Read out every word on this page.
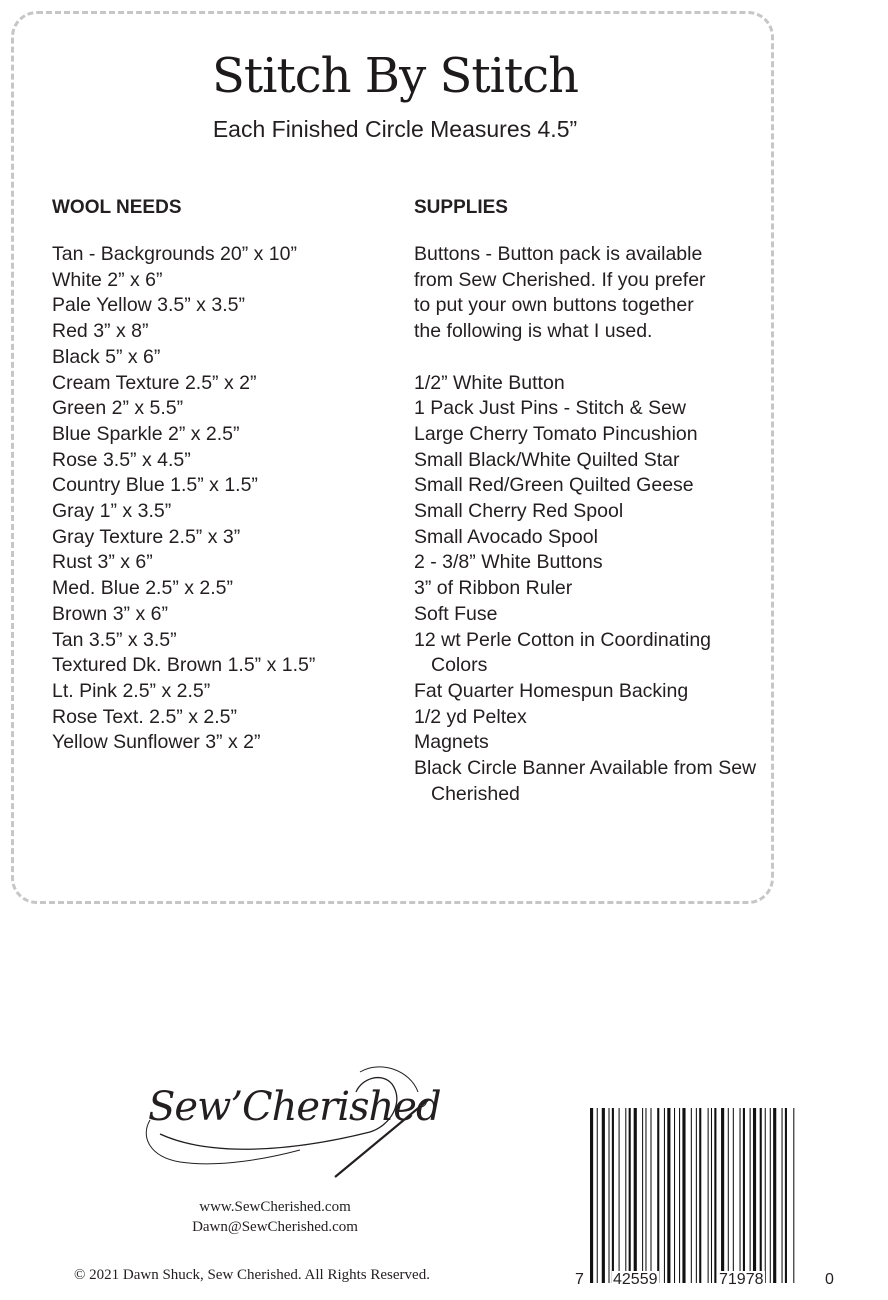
Stitch By Stitch
Each Finished Circle Measures 4.5”
WOOL NEEDS
Tan - Backgrounds 20” x 10”
White 2” x 6”
Pale Yellow 3.5” x 3.5”
Red 3” x 8”
Black 5” x 6”
Cream Texture 2.5” x 2”
Green 2” x 5.5”
Blue Sparkle 2” x 2.5”
Rose 3.5” x 4.5”
Country Blue 1.5” x 1.5”
Gray 1” x 3.5”
Gray Texture 2.5” x 3”
Rust 3” x 6”
Med. Blue 2.5” x 2.5”
Brown 3” x 6”
Tan 3.5” x 3.5”
Textured Dk. Brown 1.5” x 1.5”
Lt. Pink 2.5” x 2.5”
Rose Text. 2.5” x 2.5”
Yellow Sunflower 3” x 2”
SUPPLIES

Buttons - Button pack is available

from Sew Cherished. If you prefer

to put your own buttons together

the following is what I used.

1/2” White Button
1 Pack Just Pins - Stitch & Sew
Large Cherry Tomato Pincushion
Small Black/White Quilted Star
Small Red/Green Quilted Geese
Small Cherry Red Spool
Small Avocado Spool
2 - 3/8” White Buttons
3” of Ribbon Ruler
Soft Fuse
12 wt Perle Cotton in Coordinating Colors
Fat Quarter Homespun Backing
1/2 yd Peltex
Magnets
Black Circle Banner Available from Sew Cherished
Sew’Cherished
www.SewCherished.com
Dawn@SewCherished.com
© 2021 Dawn Shuck, Sew Cherished. All Rights Reserved.	7 42559	71978	0
